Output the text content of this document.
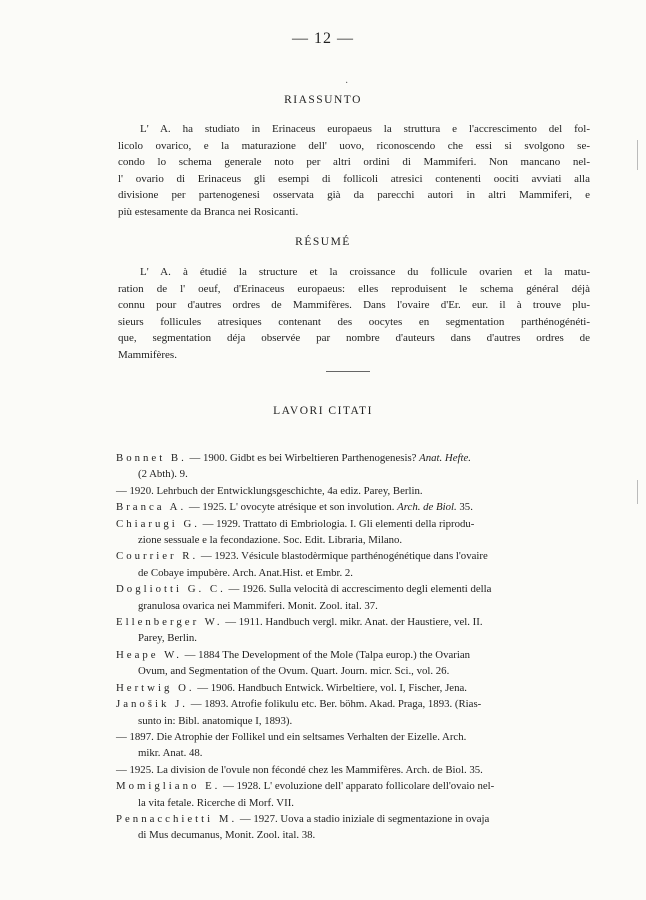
— 12 —
·
RIASSUNTO
L' A. ha studiato in Erinaceus europaeus la struttura e l'accrescimento del fol-
licolo ovarico, e la maturazione dell' uovo, riconoscendo che essi si svolgono se-
condo lo schema generale noto per altri ordini di Mammiferi. Non mancano nel-
l' ovario di Erinaceus gli esempi di follicoli atresici contenenti oociti avviati alla
divisione per partenogenesi osservata già da parecchi autori in altri Mammiferi, e
più estesamente da Branca nei Rosicanti.
RÉSUMÉ
L' A. à étudié la structure et la croissance du follicule ovarien et la matu-
ration de l' oeuf, d'Erinaceus europaeus: elles reproduisent le schema général déjà
connu pour d'autres ordres de Mammifères. Dans l'ovaire d'Er. eur. il à trouve plu-
sieurs follicules atresiques contenant des oocytes en segmentation parthénogénéti-
que, segmentation déja observée par nombre d'auteurs dans d'autres ordres de
Mammifères.
LAVORI CITATI
Bonnet B. — 1900. Gidbt es bei Wirbeltieren Parthenogenesis? Anat. Hefte.
(2 Abth). 9.
— 1920. Lehrbuch der Entwicklungsgeschichte, 4a ediz. Parey, Berlin.
Branca A. — 1925. L' ovocyte atrésique et son involution. Arch. de Biol. 35.
Chiarugi G. — 1929. Trattato di Embriologia. I. Gli elementi della riprodu-
zione sessuale e la fecondazione. Soc. Edit. Libraria, Milano.
Courrier R. — 1923. Vésicule blastodèrmique parthénogénétique dans l'ovaire
de Cobaye impubère. Arch. Anat.Hist. et Embr. 2.
Dogliotti G. C. — 1926. Sulla velocità di accrescimento degli elementi della
granulosa ovarica nei Mammiferi. Monit. Zool. ital. 37.
Ellenberger W. — 1911. Handbuch vergl. mikr. Anat. der Haustiere, vel. II.
Parey, Berlin.
Heape W. — 1884 The Development of the Mole (Talpa europ.) the Ovarian
Ovum, and Segmentation of the Ovum. Quart. Journ. micr. Sci., vol. 26.
Hertwig O. — 1906. Handbuch Entwick. Wirbeltiere, vol. I, Fischer, Jena.
Janošik J. — 1893. Atrofie folikulu etc. Ber. böhm. Akad. Praga, 1893. (Rias-
sunto in: Bibl. anatomique I, 1893).
— 1897. Die Atrophie der Follikel und ein seltsames Verhalten der Eizelle. Arch.
mikr. Anat. 48.
— 1925. La division de l'ovule non fécondé chez les Mammifères. Arch. de Biol. 35.
Momigliano E. — 1928. L' evoluzione dell' apparato follicolare dell'ovaio nel-
la vita fetale. Ricerche di Morf. VII.
Pennacchietti M. — 1927. Uova a stadio iniziale di segmentazione in ovaja
di Mus decumanus, Monit. Zool. ital. 38.
